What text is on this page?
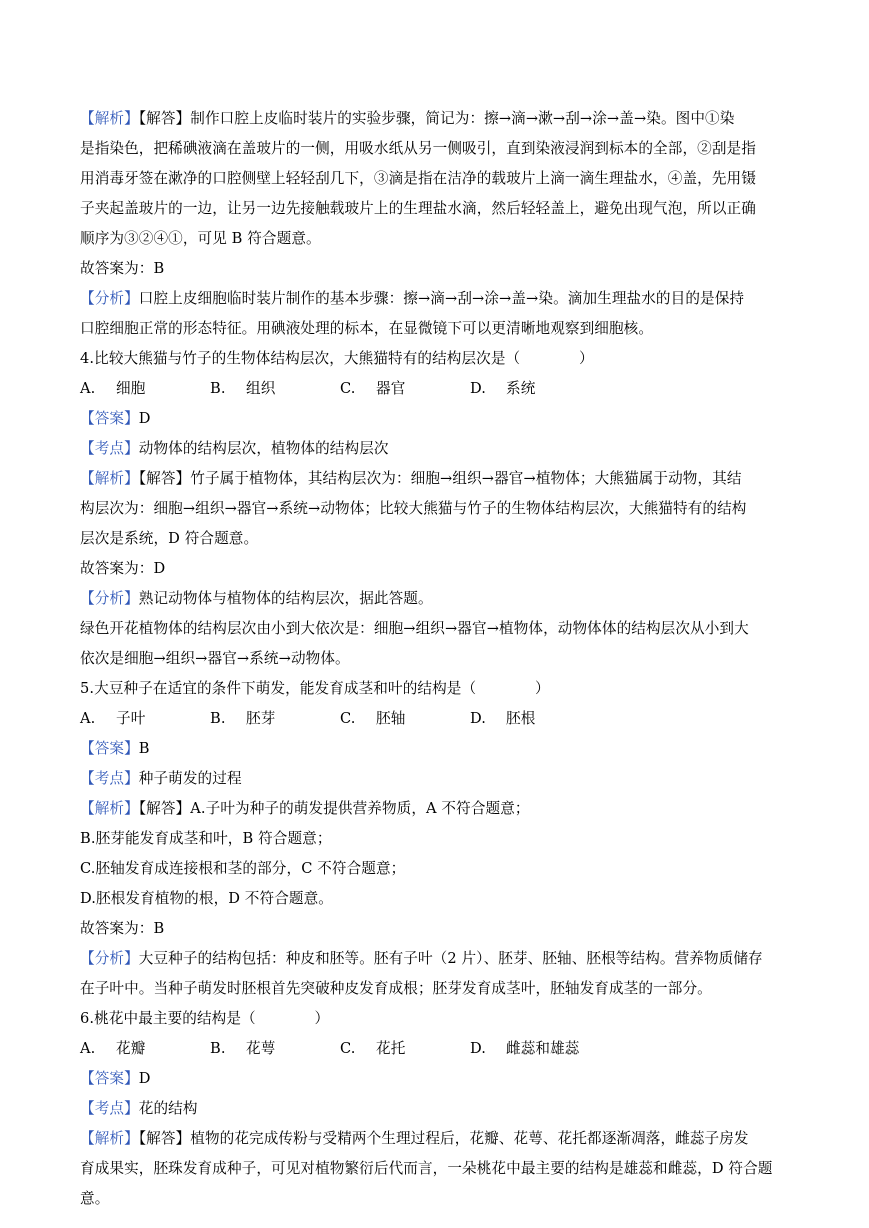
【解析】【解答】制作口腔上皮临时装片的实验步骤，简记为：擦→滴→漱→刮→涂→盖→染。图中①染
是指染色，把稀碘液滴在盖玻片的一侧，用吸水纸从另一侧吸引，直到染液浸润到标本的全部，②刮是指
用消毒牙签在漱净的口腔侧壁上轻轻刮几下，③滴是指在洁净的载玻片上滴一滴生理盐水，④盖，先用镊
子夹起盖玻片的一边，让另一边先接触载玻片上的生理盐水滴，然后轻轻盖上，避免出现气泡，所以正确
顺序为③②④①，可见 B 符合题意。
故答案为：B
【分析】口腔上皮细胞临时装片制作的基本步骤：擦→滴→刮→涂→盖→染。滴加生理盐水的目的是保持
口腔细胞正常的形态特征。用碘液处理的标本，在显微镜下可以更清晰地观察到细胞核。
4.比较大熊猫与竹子的生物体结构层次，大熊猫特有的结构层次是（　　　　）
A. 细胞	B. 组织	C. 器官	D. 系统
【答案】D
【考点】动物体的结构层次，植物体的结构层次
【解析】【解答】竹子属于植物体，其结构层次为：细胞→组织→器官→植物体；大熊猫属于动物，其结
构层次为：细胞→组织→器官→系统→动物体；比较大熊猫与竹子的生物体结构层次，大熊猫特有的结构
层次是系统，D 符合题意。
故答案为：D
【分析】熟记动物体与植物体的结构层次，据此答题。
绿色开花植物体的结构层次由小到大依次是：细胞→组织→器官→植物体，动物体体的结构层次从小到大
依次是细胞→组织→器官→系统→动物体。
5.大豆种子在适宜的条件下萌发，能发育成茎和叶的结构是（　　　　）
A. 子叶	B. 胚芽	C. 胚轴	D. 胚根
【答案】B
【考点】种子萌发的过程
【解析】【解答】A.子叶为种子的萌发提供营养物质，A 不符合题意；
B.胚芽能发育成茎和叶，B 符合题意；
C.胚轴发育成连接根和茎的部分，C 不符合题意；
D.胚根发育植物的根，D 不符合题意。
故答案为：B
【分析】大豆种子的结构包括：种皮和胚等。胚有子叶（2 片）、胚芽、胚轴、胚根等结构。营养物质储存
在子叶中。当种子萌发时胚根首先突破种皮发育成根；胚芽发育成茎叶，胚轴发育成茎的一部分。
6.桃花中最主要的结构是（　　　　）
A. 花瓣	B. 花萼	C. 花托	D. 雌蕊和雄蕊
【答案】D
【考点】花的结构
【解析】【解答】植物的花完成传粉与受精两个生理过程后，花瓣、花萼、花托都逐渐凋落，雌蕊子房发
育成果实，胚珠发育成种子，可见对植物繁衍后代而言，一朵桃花中最主要的结构是雄蕊和雌蕊，D 符合题
意。
